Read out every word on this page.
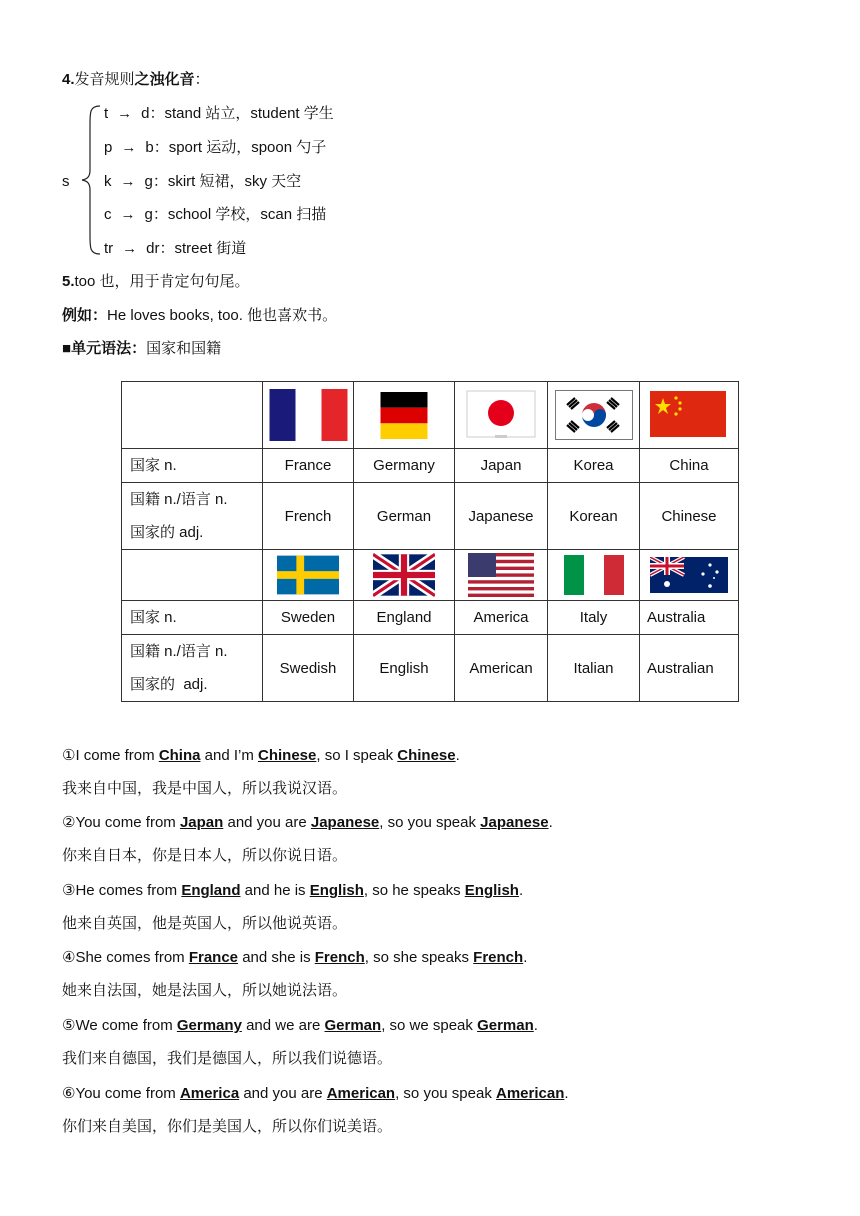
4.发音规则之浊化音：
s
t → d：stand 站立，student 学生
p → b：sport 运动，spoon 勺子
k → g：skirt 短裙，sky 天空
c → g：school 学校，scan 扫描
tr → dr：street 街道
5.too 也，用于肯定句句尾。
例如：He loves books, too. 他也喜欢书。
■单元语法：国家和国籍

国家 n.	France	Germany	Japan	Korea	China

国籍 n./语言 n.
国家的 adj.	French	German	Japanese	Korean	Chinese

国家 n.	Sweden	England	America	Italy	Australia

国籍 n./语言 n.
国家的  adj.	Swedish	English	American	Italian	Australian
①I come from China and I’m Chinese, so I speak Chinese.
我来自中国，我是中国人，所以我说汉语。
②You come from Japan and you are Japanese, so you speak Japanese.
你来自日本，你是日本人，所以你说日语。
③He comes from England and he is English, so he speaks English.
他来自英国，他是英国人，所以他说英语。
④She comes from France and she is French, so she speaks French.
她来自法国，她是法国人，所以她说法语。
⑤We come from Germany and we are German, so we speak German.
我们来自德国，我们是德国人，所以我们说德语。
⑥You come from America and you are American, so you speak American.
你们来自美国，你们是美国人，所以你们说美语。
